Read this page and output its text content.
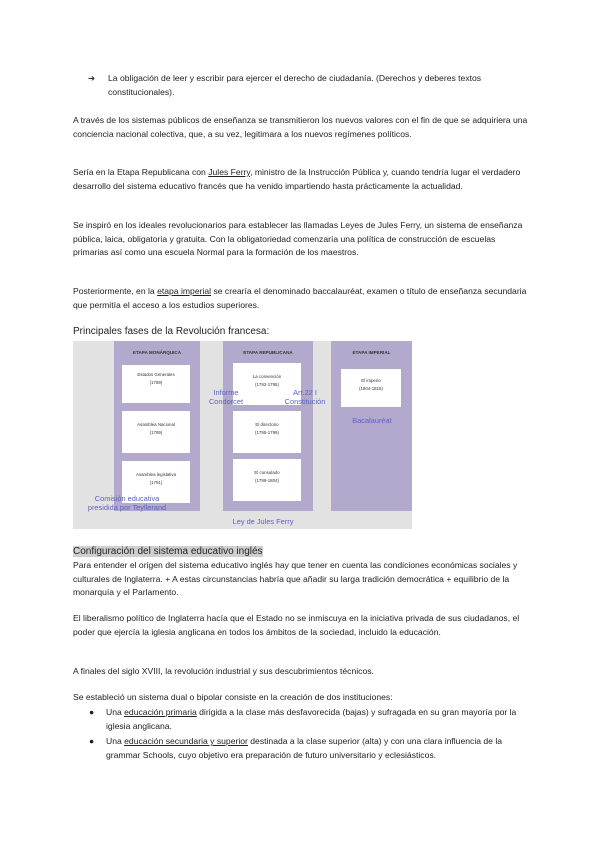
➔ La obligación de leer y escribir para ejercer el derecho de ciudadanía. (Derechos y deberes textos constitucionales).
A través de los sistemas públicos de enseñanza se transmitieron los nuevos valores con el fin de que se adquiriera una conciencia nacional colectiva, que, a su vez, legitimara a los nuevos regímenes políticos.
Sería en la Etapa Republicana con Jules Ferry, ministro de la Instrucción Pública y, cuando tendría lugar el verdadero desarrollo del sistema educativo francés que ha venido impartiendo hasta prácticamente la actualidad.
Se inspiró en los ideales revolucionarios para establecer las llamadas Leyes de Jules Ferry, un sistema de enseñanza pública, laica, obligatoria y gratuita. Con la obligatoriedad comenzaría una política de construcción de escuelas primarias así como una escuela Normal para la formación de los maestros.
Posteriormente, en la etapa imperial se crearía el denominado baccalauréat, examen o título de enseñanza secundaria que permitía el acceso a los estudios superiores.
Principales fases de la Revolución francesa:
ETAPA MONÁRQUICA
Estados Generales
(1789)
Asamblea Nacional
(1789)
Asamblea legislativa
(1791)
ETAPA REPUBLICANA
La convención
(1792-1795)
El directorio
(1795-1799)
El consulado
(1799-1804)
ETAPA IMPERIAL
El imperio
(1804-1815)
Informe
Condorcet
Art.22 I
Constitución
Bacalauréat
Comisión educativa
presidida por Teyllerand
Ley de Jules Ferry
Configuración del sistema educativo inglés
Para entender el origen del sistema educativo inglés hay que tener en cuenta las condiciones económicas sociales y culturales de Inglaterra. + A estas circunstancias habría que añadir su larga tradición democrática + equilibrio de la monarquía y el Parlamento.
El liberalismo político de Inglaterra hacía que el Estado no se inmiscuya en la iniciativa privada de sus ciudadanos, el poder que ejercía la iglesia anglicana en todos los ámbitos de la sociedad, incluido la educación.
A finales del siglo XVIII, la revolución industrial y sus descubrimientos técnicos.
Se estableció un sistema dual o bipolar consiste en la creación de dos instituciones:
● Una educación primaria dirigida a la clase más desfavorecida (bajas) y sufragada en su gran mayoría por la iglesia anglicana.
● Una educación secundaria y superior destinada a la clase superior (alta) y con una clara influencia de la grammar Schools, cuyo objetivo era preparación de futuro universitario y eclesiásticos.
